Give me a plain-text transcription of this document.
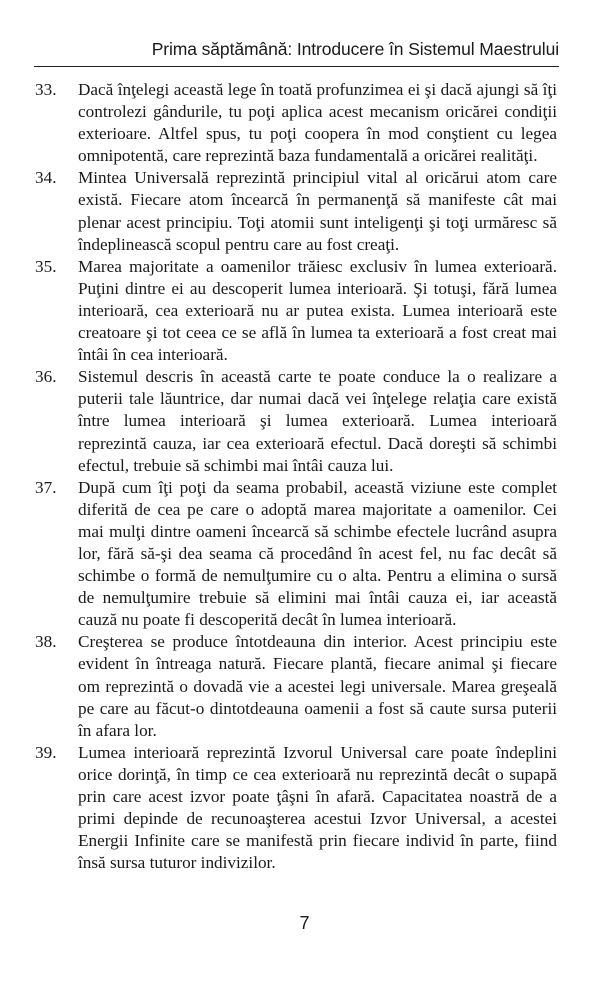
Prima săptămână: Introducere în Sistemul Maestrului
33.	Dacă înţelegi această lege în toată profunzimea ei şi dacă ajungi să îţi controlezi gândurile, tu poţi aplica acest mecanism oricărei condiţii exterioare. Altfel spus, tu poţi coopera în mod conştient cu legea omnipotentă, care reprezintă baza fundamentală a oricărei realităţi.
34.	Mintea Universală reprezintă principiul vital al oricărui atom care există. Fiecare atom încearcă în permanenţă să manifeste cât mai plenar acest principiu. Toţi atomii sunt inteligenţi şi toţi urmăresc să îndeplinească scopul pentru care au fost creaţi.
35.	Marea majoritate a oamenilor trăiesc exclusiv în lumea exterioară. Puţini dintre ei au descoperit lumea interioară. Şi totuşi, fără lumea interioară, cea exterioară nu ar putea exista. Lumea interioară este creatoare şi tot ceea ce se află în lumea ta exterioară a fost creat mai întâi în cea interioară.
36.	Sistemul descris în această carte te poate conduce la o realizare a puterii tale lăuntrice, dar numai dacă vei înţelege relaţia care există între lumea interioară şi lumea exterioară. Lumea interioară reprezintă cauza, iar cea exterioară efectul. Dacă doreşti să schimbi efectul, trebuie să schimbi mai întâi cauza lui.
37.	După cum îţi poţi da seama probabil, această viziune este complet diferită de cea pe care o adoptă marea majoritate a oamenilor. Cei mai mulţi dintre oameni încearcă să schimbe efectele lucrând asupra lor, fără să-şi dea seama că procedând în acest fel, nu fac decât să schimbe o formă de nemulţumire cu o alta. Pentru a elimina o sursă de nemulţumire trebuie să elimini mai întâi cauza ei, iar această cauză nu poate fi descoperită decât în lumea interioară.
38.	Creşterea se produce întotdeauna din interior. Acest principiu este evident în întreaga natură. Fiecare plantă, fiecare animal şi fiecare om reprezintă o dovadă vie a acestei legi universale. Marea greşeală pe care au făcut-o dintotdeauna oamenii a fost să caute sursa puterii în afara lor.
39.	Lumea interioară reprezintă Izvorul Universal care poate îndeplini orice dorinţă, în timp ce cea exterioară nu reprezintă decât o supapă prin care acest izvor poate ţâşni în afară. Capacitatea noastră de a primi depinde de recunoaşterea acestui Izvor Universal, a acestei Energii Infinite care se manifestă prin fiecare individ în parte, fiind însă sursa tuturor indivizilor.
7
